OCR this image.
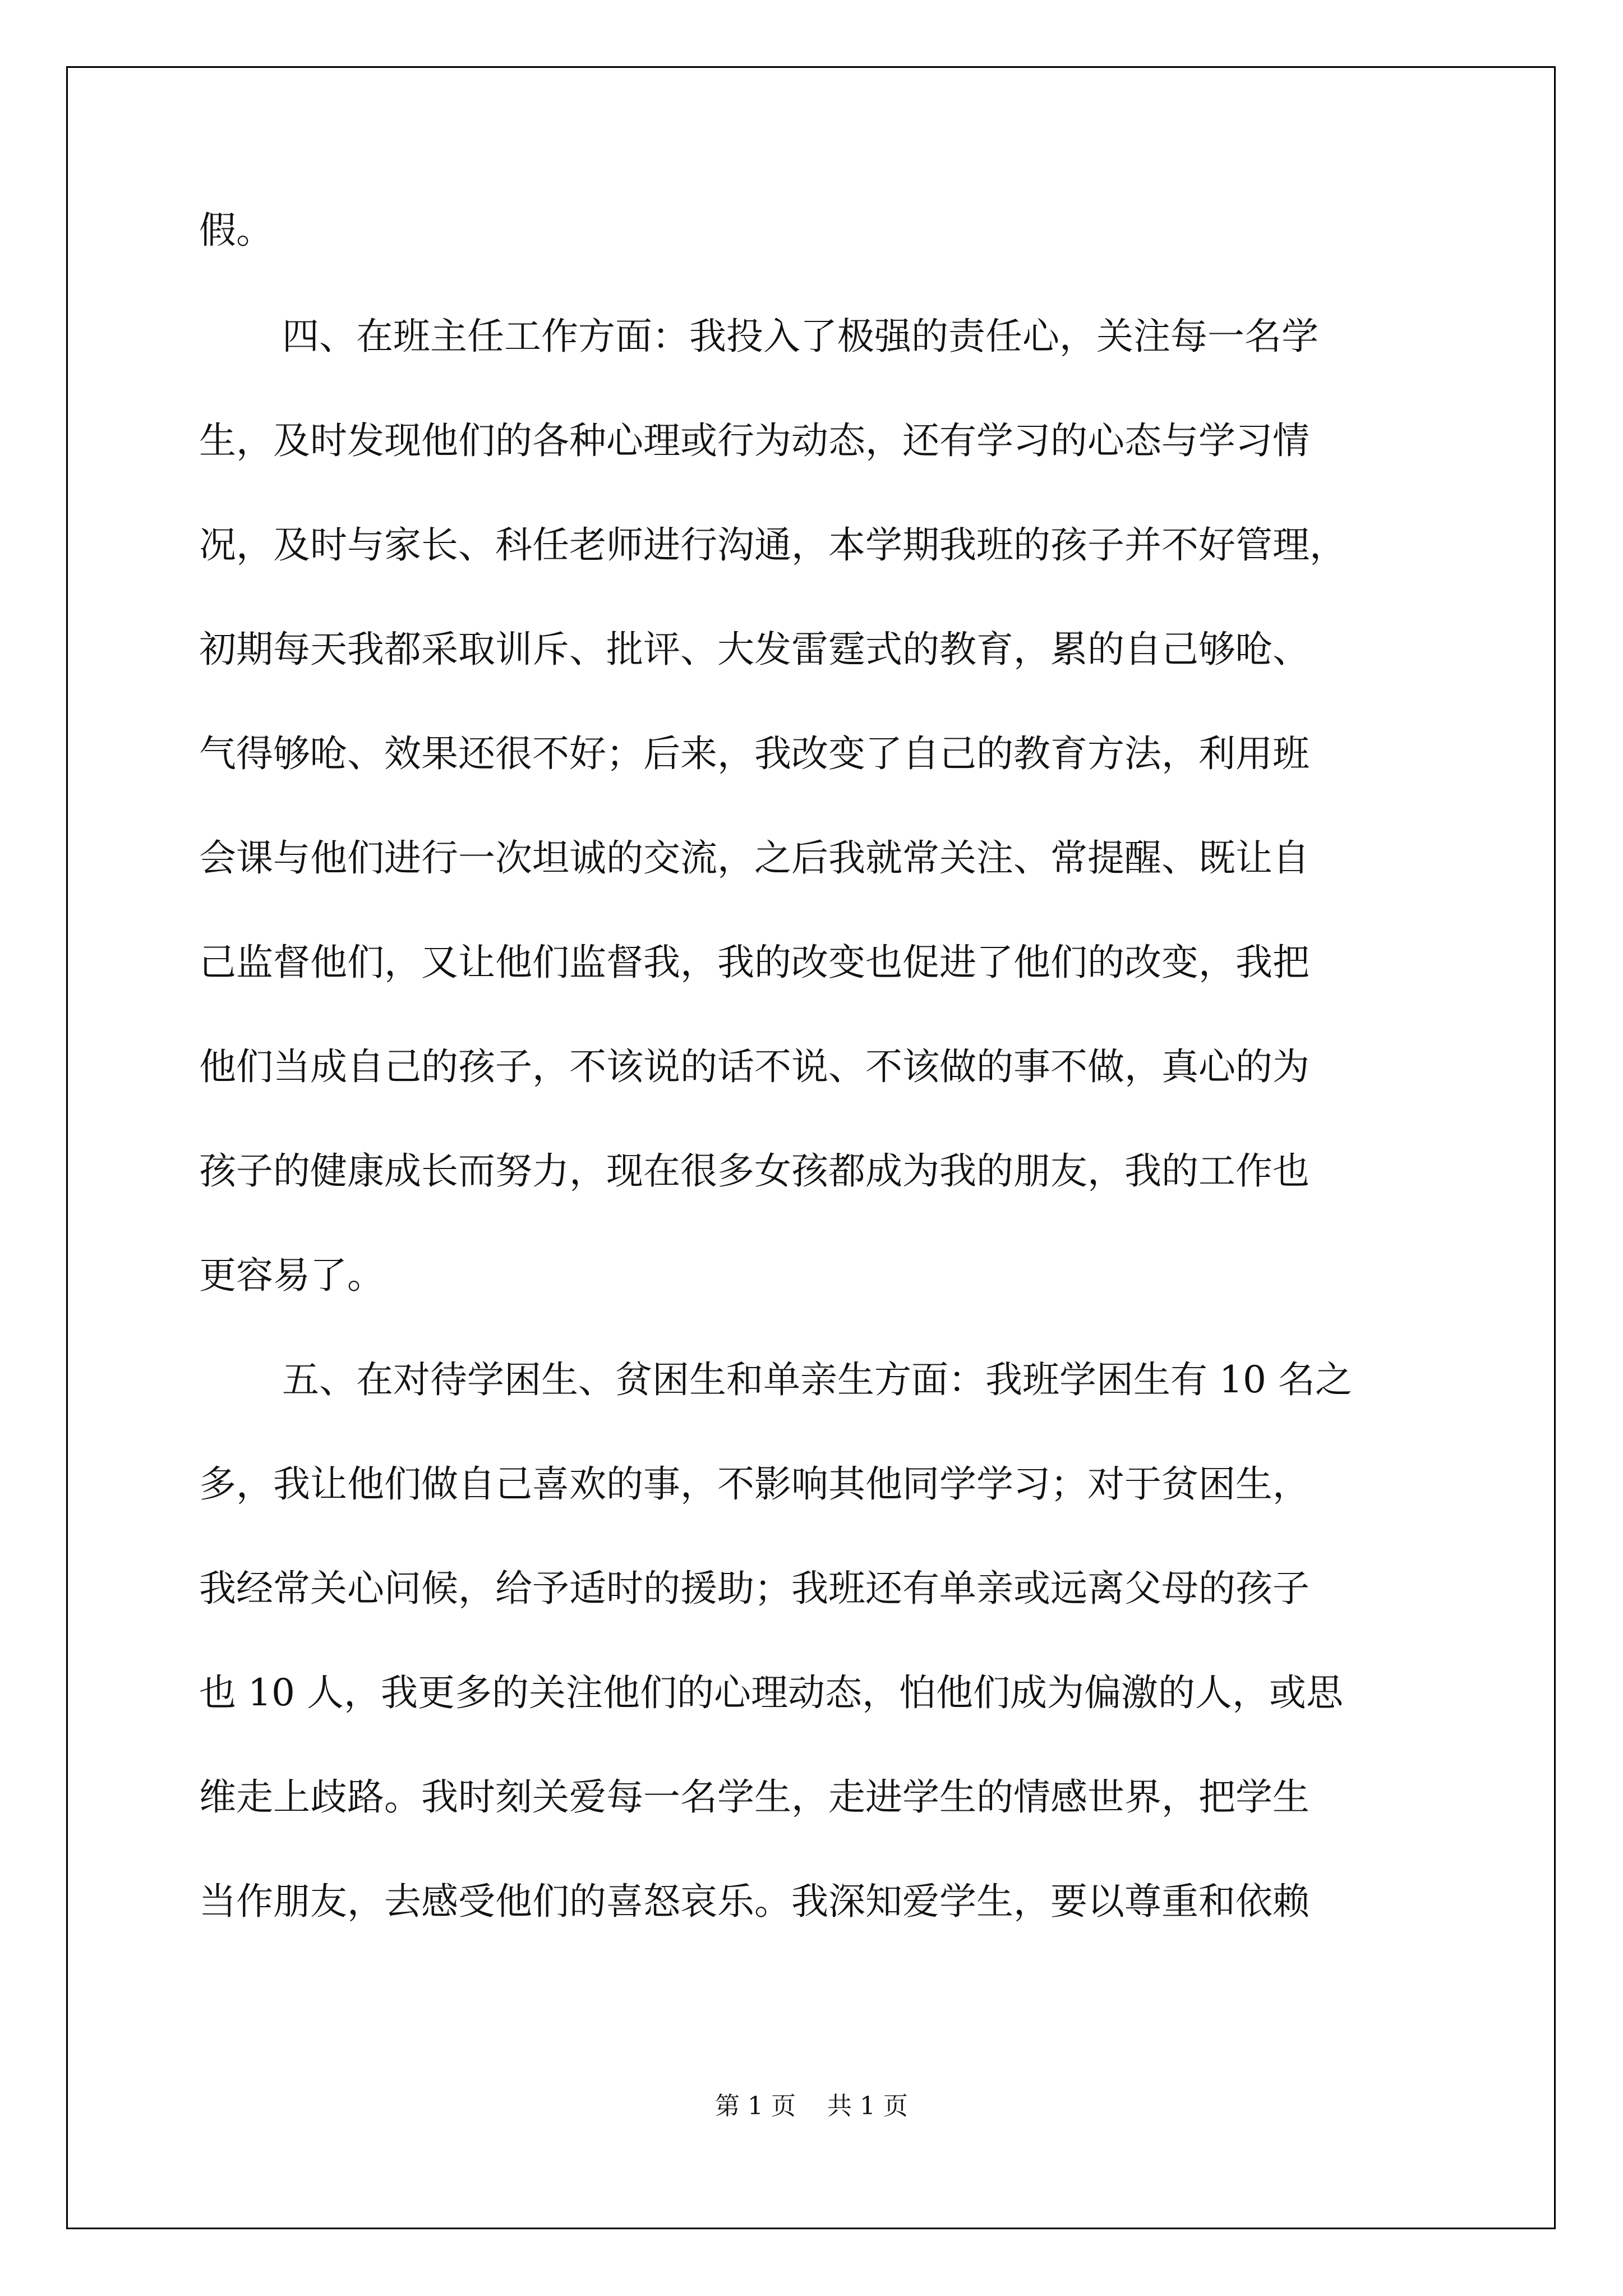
假。

四、在班主任工作方面：我投入了极强的责任心，关注每一名学

生，及时发现他们的各种心理或行为动态，还有学习的心态与学习情

况，及时与家长、科任老师进行沟通，本学期我班的孩子并不好管理，

初期每天我都采取训斥、批评、大发雷霆式的教育，累的自己够呛、

气得够呛、效果还很不好；后来，我改变了自己的教育方法，利用班

会课与他们进行一次坦诚的交流，之后我就常关注、常提醒、既让自

己监督他们，又让他们监督我，我的改变也促进了他们的改变，我把

他们当成自己的孩子，不该说的话不说、不该做的事不做，真心的为

孩子的健康成长而努力，现在很多女孩都成为我的朋友，我的工作也

更容易了。

五、在对待学困生、贫困生和单亲生方面：我班学困生有 10 名之

多，我让他们做自己喜欢的事，不影响其他同学学习；对于贫困生，

我经常关心问候，给予适时的援助；我班还有单亲或远离父母的孩子

也 10 人，我更多的关注他们的心理动态，怕他们成为偏激的人，或思

维走上歧路。我时刻关爱每一名学生，走进学生的情感世界，把学生

当作朋友，去感受他们的喜怒哀乐。我深知爱学生，要以尊重和依赖

第 1 页    共 1 页
